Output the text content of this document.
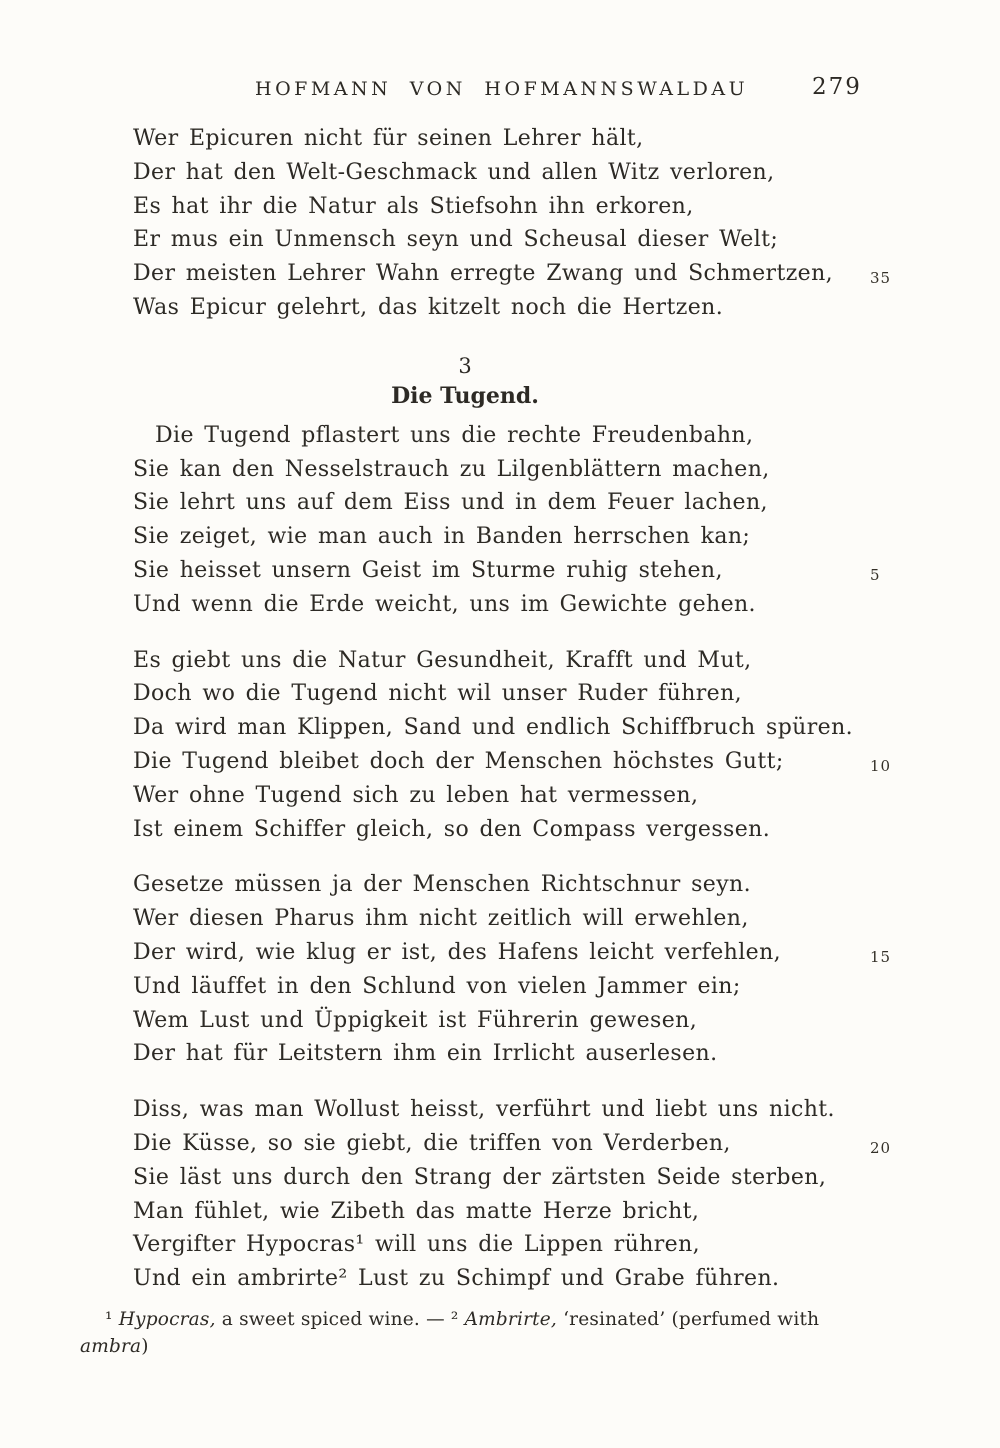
HOFMANN VON HOFMANNSWALDAU	279
Wer Epicuren nicht für seinen Lehrer hält,
Der hat den Welt-Geschmack und allen Witz verloren,
Es hat ihr die Natur als Stiefsohn ihn erkoren,
Er mus ein Unmensch seyn und Scheusal dieser Welt;
Der meisten Lehrer Wahn erregte Zwang und Schmertzen, 35
Was Epicur gelehrt, das kitzelt noch die Hertzen.
3
Die Tugend.
Die Tugend pflastert uns die rechte Freudenbahn,
Sie kan den Nesselstrauch zu Lilgenblättern machen,
Sie lehrt uns auf dem Eiss und in dem Feuer lachen,
Sie zeiget, wie man auch in Banden herrschen kan;
Sie heisset unsern Geist im Sturme ruhig stehen,	5
Und wenn die Erde weicht, uns im Gewichte gehen.
Es giebt uns die Natur Gesundheit, Krafft und Mut,
Doch wo die Tugend nicht wil unser Ruder führen,
Da wird man Klippen, Sand und endlich Schiffbruch spüren.
Die Tugend bleibet doch der Menschen höchstes Gutt;	10
Wer ohne Tugend sich zu leben hat vermessen,
Ist einem Schiffer gleich, so den Compass vergessen.
Gesetze müssen ja der Menschen Richtschnur seyn.
Wer diesen Pharus ihm nicht zeitlich will erwehlen,
Der wird, wie klug er ist, des Hafens leicht verfehlen,	15
Und läuffet in den Schlund von vielen Jammer ein;
Wem Lust und Üppigkeit ist Führerin gewesen,
Der hat für Leitstern ihm ein Irrlicht auserlesen.
Diss, was man Wollust heisst, verführt und liebt uns nicht.
Die Küsse, so sie giebt, die triffen von Verderben,	20
Sie läst uns durch den Strang der zärtsten Seide sterben,
Man fühlet, wie Zibeth das matte Herze bricht,
Vergifter Hypocras¹ will uns die Lippen rühren,
Und ein ambrirte² Lust zu Schimpf und Grabe führen.
¹ Hypocras, a sweet spiced wine. — ² Ambrirte, ‘resinated’ (perfumed with
ambra)
